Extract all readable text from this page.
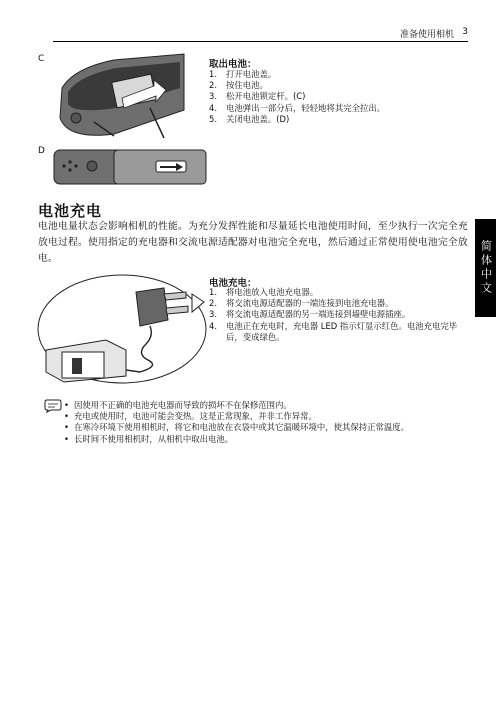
准备使用相机 3
简体中文
C
D
取出电池：
1.	打开电池盖。
2.	按住电池。
3.	松开电池锁定杆。(C)
4.	电池弹出一部分后，轻轻地将其完全拉出。
5.	关闭电池盖。(D)
电池充电
电池电量状态会影响相机的性能。为充分发挥性能和尽量延长电池使用时间，至少执行一次完全充放电过程。使用指定的充电器和交流电源适配器对电池完全充电，然后通过正常使用使电池完全放电。
电池充电：
1.	将电池放入电池充电器。
2.	将交流电源适配器的一端连接到电池充电器。
3.	将交流电源适配器的另一端连接到墙壁电源插座。
4.	电池正在充电时，充电器 LED 指示灯显示红色。电池充电完毕后，变成绿色。
• 因使用不正确的电池充电器而导致的损坏不在保修范围内。
• 充电或使用时，电池可能会变热。这是正常现象，并非工作异常。
• 在寒冷环境下使用相机时，将它和电池放在衣袋中或其它温暖环境中，使其保持正常温度。
• 长时间不使用相机时，从相机中取出电池。
